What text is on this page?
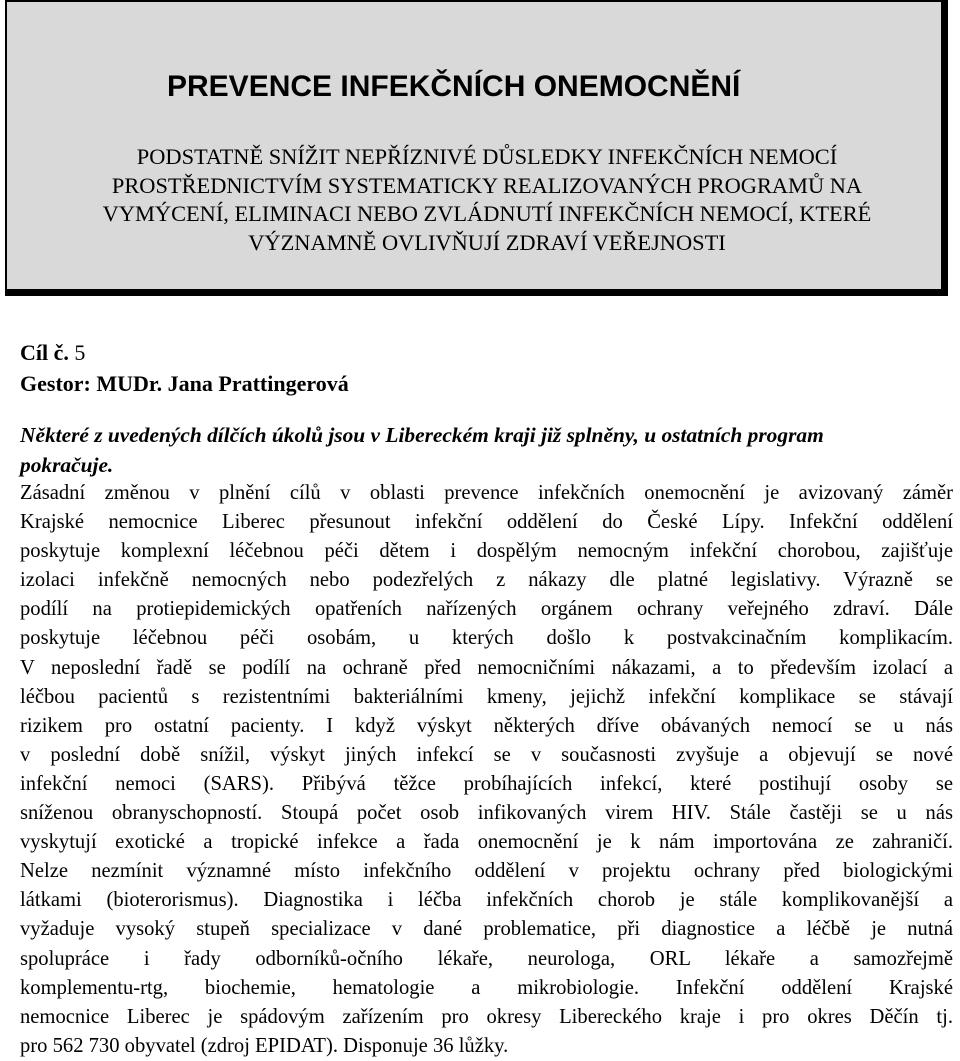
PREVENCE INFEKČNÍCH ONEMOCNĚNÍ
PODSTATNĚ SNÍŽIT NEPŘÍZNIVÉ DŮSLEDKY INFEKČNÍCH NEMOCÍ
PROSTŘEDNICTVÍM SYSTEMATICKY REALIZOVANÝCH PROGRAMŮ NA
VYMÝCENÍ, ELIMINACI NEBO ZVLÁDNUTÍ INFEKČNÍCH NEMOCÍ, KTERÉ
VÝZNAMNĚ OVLIVŇUJÍ ZDRAVÍ VEŘEJNOSTI
Cíl č. 5
Gestor: MUDr. Jana Prattingerová
Některé z uvedených dílčích úkolů jsou v Libereckém kraji již splněny, u ostatních program
pokračuje.
Zásadní změnou v plnění cílů v oblasti prevence infekčních onemocnění je avizovaný záměr
Krajské nemocnice Liberec přesunout infekční oddělení do České Lípy. Infekční oddělení
poskytuje komplexní léčebnou péči dětem i dospělým nemocným infekční chorobou, zajišťuje
izolaci infekčně nemocných nebo podezřelých z nákazy dle platné legislativy. Výrazně se
podílí na protiepidemických opatřeních nařízených orgánem ochrany veřejného zdraví. Dále
poskytuje léčebnou péči osobám, u kterých došlo k postvakcinačním komplikacím.
V neposlední řadě se podílí na ochraně před nemocničními nákazami, a to především izolací a
léčbou pacientů s rezistentními bakteriálními kmeny, jejichž infekční komplikace se stávají
rizikem pro ostatní pacienty. I když výskyt některých dříve obávaných nemocí se u nás
v poslední době snížil, výskyt jiných infekcí se v současnosti zvyšuje a objevují se nové
infekční nemoci (SARS). Přibývá těžce probíhajících infekcí, které postihují osoby se
sníženou obranyschopností. Stoupá počet osob infikovaných virem HIV. Stále častěji se u nás
vyskytují exotické a tropické infekce a řada onemocnění je k nám importována ze zahraničí.
Nelze nezmínit významné místo infekčního oddělení v projektu ochrany před biologickými
látkami (bioterorismus). Diagnostika i léčba infekčních chorob je stále komplikovanější a
vyžaduje vysoký stupeň specializace v dané problematice, při diagnostice a léčbě je nutná
spolupráce i řady odborníků-očního lékaře, neurologa, ORL lékaře a samozřejmě
komplementu-rtg, biochemie, hematologie a mikrobiologie. Infekční oddělení Krajské
nemocnice Liberec je spádovým zařízením pro okresy Libereckého kraje i pro okres Děčín tj.
pro 562 730 obyvatel (zdroj EPIDAT). Disponuje 36 lůžky.
